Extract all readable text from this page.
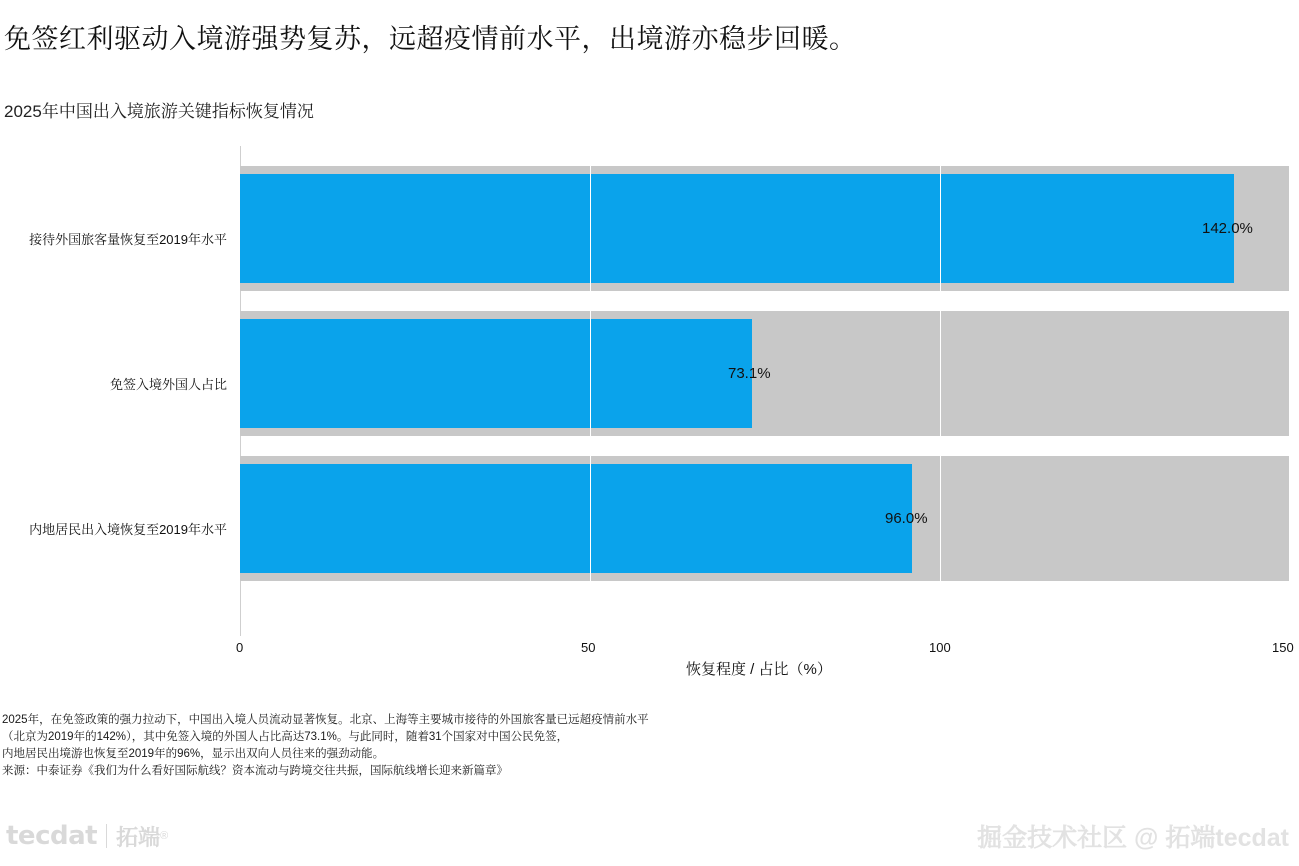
免签红利驱动入境游强势复苏，远超疫情前水平，出境游亦稳步回暖。
2025年中国出入境旅游关键指标恢复情况
142.0%
73.1%
96.0%
接待外国旅客量恢复至2019年水平
免签入境外国人占比
内地居民出入境恢复至2019年水平
0	50	100	150
恢复程度 / 占比（%）
2025年，在免签政策的强力拉动下，中国出入境人员流动显著恢复。北京、上海等主要城市接待的外国旅客量已远超疫情前水平
（北京为2019年的142%），其中免签入境的外国人占比高达73.1%。与此同时，随着31个国家对中国公民免签，
内地居民出境游也恢复至2019年的96%，显示出双向人员往来的强劲动能。
来源：中泰证券《我们为什么看好国际航线？资本流动与跨境交往共振，国际航线增长迎来新篇章》
tecdat 拓端 ®	掘金技术社区 @ 拓端tecdat
